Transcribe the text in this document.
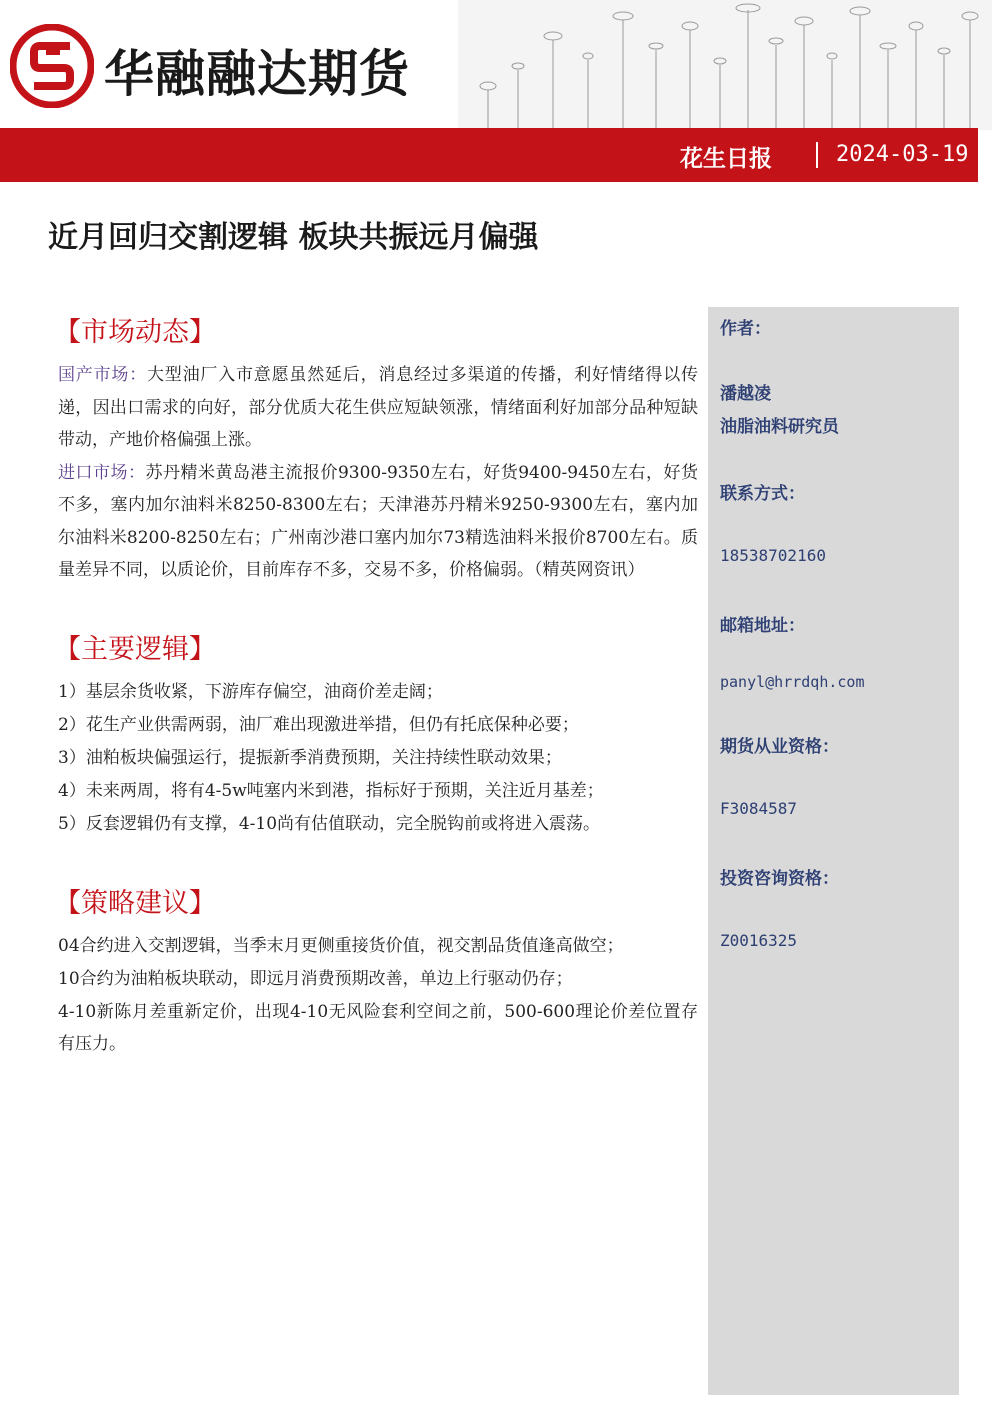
华融融达期货
花生日报	2024-03-19
近月回归交割逻辑 板块共振远月偏强
【市场动态】

国产市场：大型油厂入市意愿虽然延后，消息经过多渠道的传播，利好情绪得以传递，因出口需求的向好，部分优质大花生供应短缺领涨，情绪面利好加部分品种短缺带动，产地价格偏强上涨。

进口市场：苏丹精米黄岛港主流报价9300-9350左右，好货9400-9450左右，好货不多，塞内加尔油料米8250-8300左右；天津港苏丹精米9250-9300左右，塞内加尔油料米8200-8250左右；广州南沙港口塞内加尔73精选油料米报价8700左右。质量差异不同，以质论价，目前库存不多，交易不多，价格偏弱。（精英网资讯）

【主要逻辑】

1）基层余货收紧，下游库存偏空，油商价差走阔；

2）花生产业供需两弱，油厂难出现激进举措，但仍有托底保种必要；

3）油粕板块偏强运行，提振新季消费预期，关注持续性联动效果；

4）未来两周，将有4-5w吨塞内米到港，指标好于预期，关注近月基差；

5）反套逻辑仍有支撑，4-10尚有估值联动，完全脱钩前或将进入震荡。

【策略建议】

04合约进入交割逻辑，当季末月更侧重接货价值，视交割品货值逢高做空；

10合约为油粕板块联动，即远月消费预期改善，单边上行驱动仍存；

4-10新陈月差重新定价，出现4-10无风险套利空间之前，500-600理论价差位置存有压力。

作者：
潘越凌
油脂油料研究员
联系方式：
18538702160
邮箱地址：
panyl@hrrdqh.com
期货从业资格：
F3084587
投资咨询资格：
Z0016325
